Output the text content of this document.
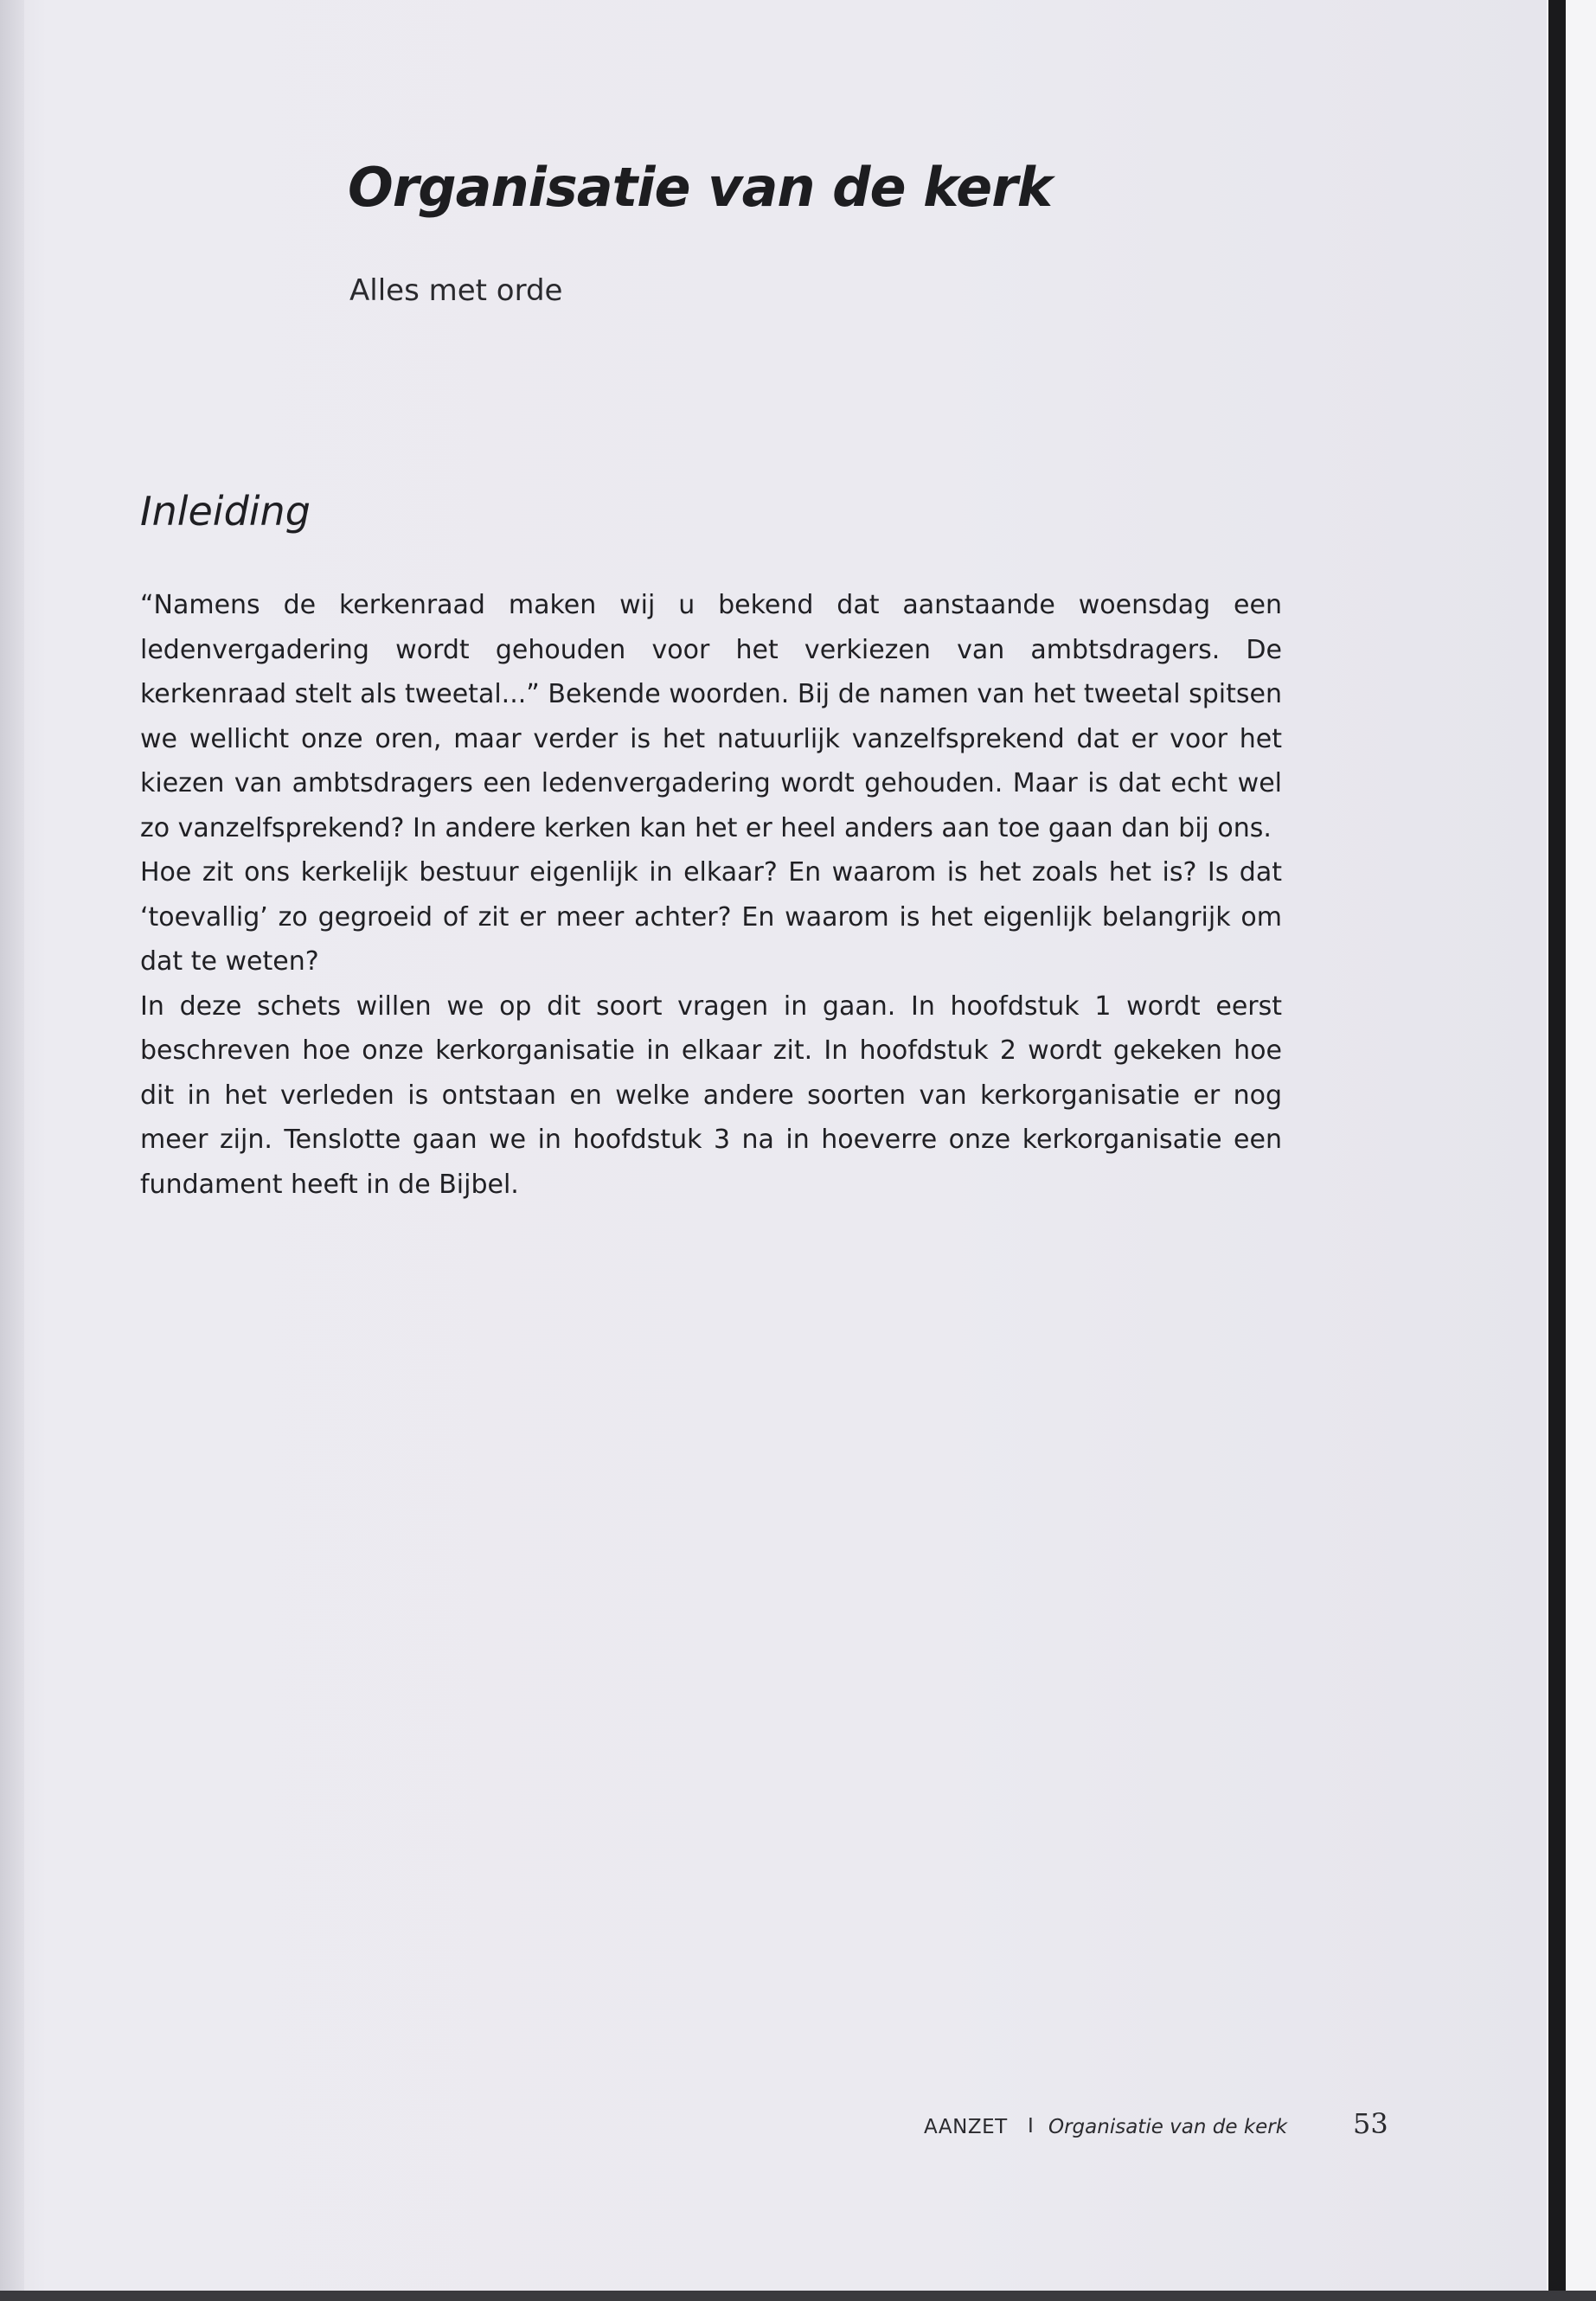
Organisatie van de kerk
Alles met orde
Inleiding

“Namens de kerkenraad maken wij u bekend dat aanstaande woensdag een ledenvergadering wordt gehouden voor het verkiezen van ambtsdragers. De kerkenraad stelt als tweetal...” Bekende woorden. Bij de namen van het tweetal spitsen we wellicht onze oren, maar verder is het natuurlijk vanzelfsprekend dat er voor het kiezen van ambtsdragers een ledenvergadering wordt gehouden. Maar is dat echt wel zo vanzelfsprekend? In andere kerken kan het er heel anders aan toe gaan dan bij ons.

Hoe zit ons kerkelijk bestuur eigenlijk in elkaar? En waarom is het zoals het is? Is dat ‘toevallig’ zo gegroeid of zit er meer achter? En waarom is het eigenlijk belangrijk om dat te weten?

In deze schets willen we op dit soort vragen in gaan. In hoofdstuk 1 wordt eerst beschreven hoe onze kerkorganisatie in elkaar zit. In hoofdstuk 2 wordt gekeken hoe dit in het verleden is ontstaan en welke andere soorten van kerkorganisatie er nog meer zijn. Tenslotte gaan we in hoofdstuk 3 na in hoeverre onze kerkorganisatie een fundament heeft in de Bijbel.

AANZET I Organisatie van de kerk 53
